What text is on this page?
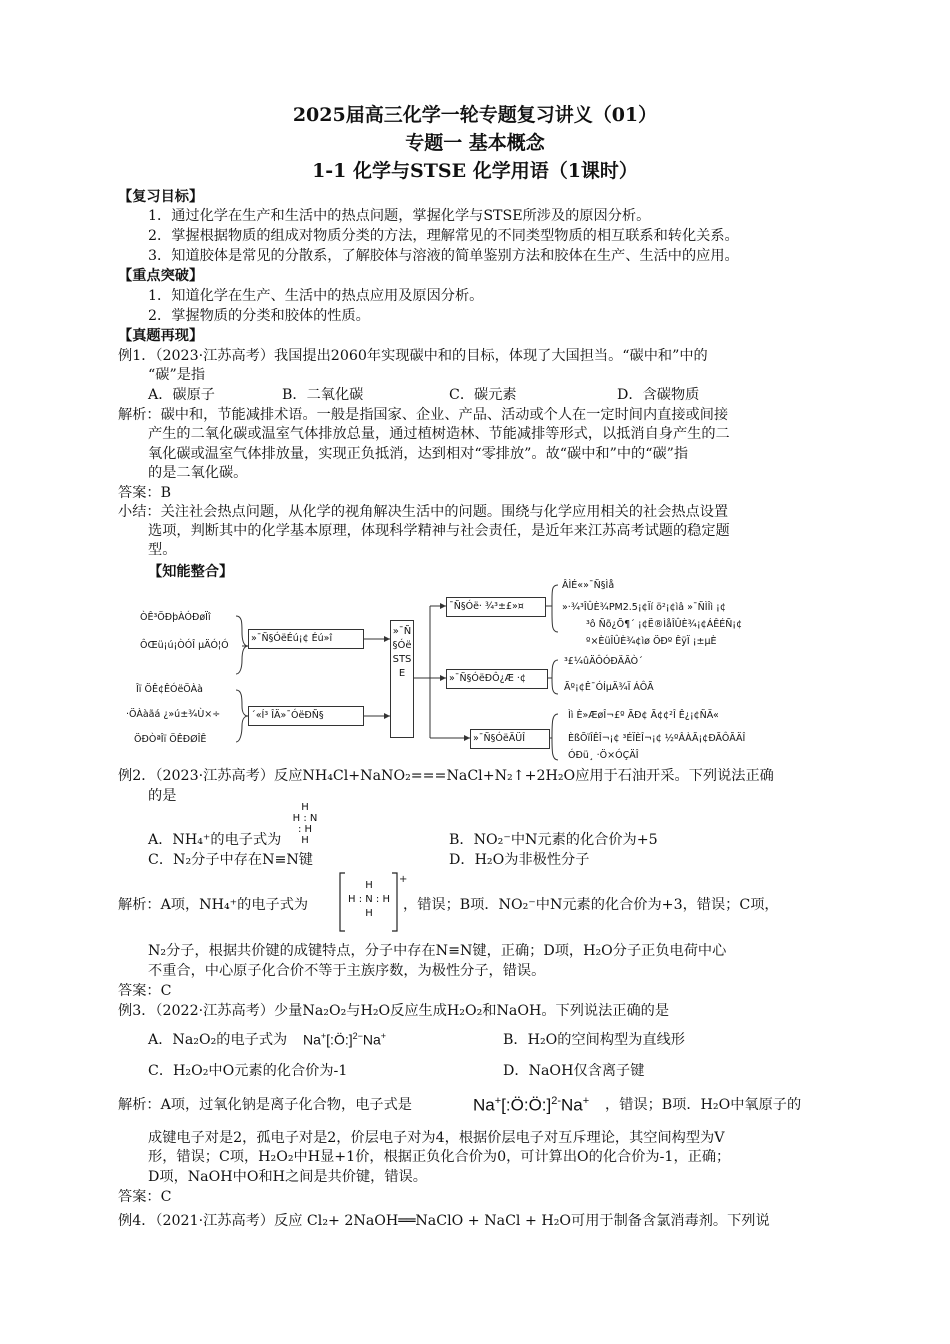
2025届高三化学一轮专题复习讲义（01）
专题一 基本概念
1-1 化学与STSE 化学用语（1课时）
【复习目标】
1．通过化学在生产和生活中的热点问题，掌握化学与STSE所涉及的原因分析。
2．掌握根据物质的组成对物质分类的方法，理解常见的不同类型物质的相互联系和转化关系。
3．知道胶体是常见的分散系，了解胶体与溶液的简单鉴别方法和胶体在生产、生活中的应用。
【重点突破】
1．知道化学在生产、生活中的热点应用及原因分析。
2．掌握物质的分类和胶体的性质。
【真题再现】
例1．（2023·江苏高考）我国提出2060年实现碳中和的目标，体现了大国担当。“碳中和”中的
“碳”是指
A．碳原子	B．二氧化碳	C．碳元素	D．含碳物质
解析：碳中和，节能减排术语。一般是指国家、企业、产品、活动或个人在一定时间内直接或间接
产生的二氧化碳或温室气体排放总量，通过植树造林、节能减排等形式，以抵消自身产生的二
氧化碳或温室气体排放量，实现正负抵消，达到相对“零排放”。故“碳中和”中的“碳”指
的是二氧化碳。
答案：B
小结：关注社会热点问题，从化学的视角解决生活中的问题。围绕与化学应用相关的社会热点设置
选项，判断其中的化学基本原理，体现科学精神与社会责任，是近年来江苏高考试题的稳定题
型。
【知能整合】
ÒÊ³ÖÐþÀÓÐøÏî
ÔŒü¡ú¡ÒÓÎ µÄÓ¦Ó
Îï ÖÊ¢ÊÓëÖÀà
·ÖÀàãá ¿»ú±¾Ù×÷
ÖÐÒªÎï ÖÊÐØÎÊ
»¯Ñ§ÓëÉú¡¢ Éú»î
´«Í³ ÎÄ»¯ÓëÐÑ§
»¯Ñ§ÓëSTSE
¯Ñ§Óë· ¾³±£»¤
»¯Ñ§ÓëÐÔ¿Æ ·¢
»¯Ñ§ÓëÄÜÎ
ÂÌÉ«»¯Ñ§Ìå
»·¾³ÎÛÈ¾PM2.5¡¢Ïí ö²¡¢ìâ »¯ÑÌÎì ¡¢
³ô Ñõ¿Õ¶´ ¡¢Ë®ÌåÎÛÈ¾¡¢ÁÊÉÑ¡¢
º×ÈüÎÛÈ¾¢ìø ÖÐº ÊÿÏ ¡±µÈ
³£¼ûÄÔÓÐÄÃÒ´
Ãº¡¢Ê¯ÓÍµÄ¾Ï ÁÔÃ
Ìì È»ÆøÎ¬£º ÃÐ¢ Ã¢¢²Î Ê¿¡¢ÑÄ«
ÈßÕïÎÊÎ¬¡¢ ³ÉÏÈÎ¬¡¢ ½ºÂÀÃ¡¢ÐÃÔÃÄÎ
ÓÐü¸ ·Ö×ÓÇÄÎ
例2．（2023·江苏高考）反应NH₄Cl+NaNO₂===NaCl+N₂↑+2H₂O应用于石油开采。下列说法正确
的是
H
H : N : H
H
A．NH₄⁺的电子式为	B．NO₂⁻中N元素的化合价为+5
C．N₂分子中存在N≡N键	D．H₂O为非极性分子
解析：A项，NH₄⁺的电子式为
+
H
H : N : H
H
，错误；B项．NO₂⁻中N元素的化合价为+3，错误；C项，
N₂分子，根据共价键的成键特点，分子中存在N≡N键，正确；D项，H₂O分子正负电荷中心
不重合，中心原子化合价不等于主族序数，为极性分子，错误。
答案：C
例3．（2022·江苏高考）少量Na₂O₂与H₂O反应生成H₂O₂和NaOH。下列说法正确的是
A．Na₂O₂的电子式为 Na+[:Ö:]$^{2-}$Na+	B．H₂O的空间构型为直线形
C．H₂O₂中O元素的化合价为-1	D．NaOH仅含离子键
解析：A项，过氧化钠是离子化合物，电子式是	Na+[:Ö:Ö:]$^{2-}$Na+	，错误；B项．H₂O中氧原子的
成键电子对是2，孤电子对是2，价层电子对为4，根据价层电子对互斥理论，其空间构型为V
形，错误；C项，H₂O₂中H显+1价，根据正负化合价为0，可计算出O的化合价为-1，正确；
D项，NaOH中O和H之间是共价键，错误。
答案：C
例4．（2021·江苏高考）反应 Cl₂+ 2NaOH══NaClO + NaCl + H₂O可用于制备含氯消毒剂。下列说
